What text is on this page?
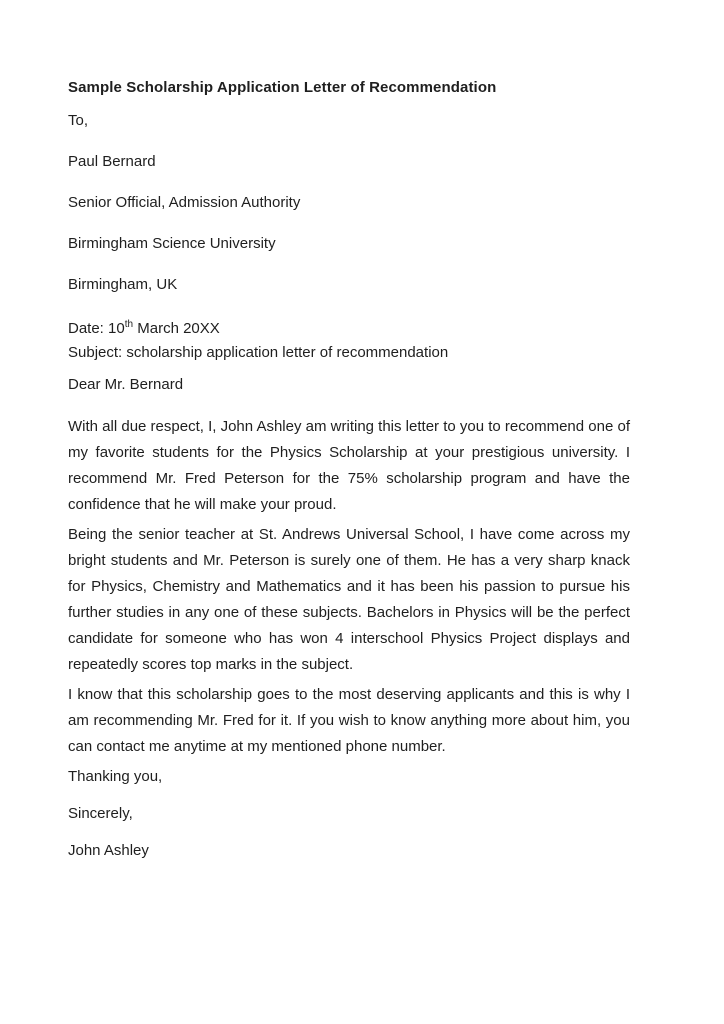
Sample Scholarship Application Letter of Recommendation

To,

Paul Bernard

Senior Official, Admission Authority

Birmingham Science University

Birmingham, UK

Date: 10th March 20XX

Subject: scholarship application letter of recommendation

Dear Mr. Bernard

With all due respect, I, John Ashley am writing this letter to you to recommend one of my favorite students for the Physics Scholarship at your prestigious university. I recommend Mr. Fred Peterson for the 75% scholarship program and have the confidence that he will make your proud.

Being the senior teacher at St. Andrews Universal School, I have come across my bright students and Mr. Peterson is surely one of them. He has a very sharp knack for Physics, Chemistry and Mathematics and it has been his passion to pursue his further studies in any one of these subjects. Bachelors in Physics will be the perfect candidate for someone who has won 4 interschool Physics Project displays and repeatedly scores top marks in the subject.

I know that this scholarship goes to the most deserving applicants and this is why I am recommending Mr. Fred for it. If you wish to know anything more about him, you can contact me anytime at my mentioned phone number.

Thanking you,

Sincerely,

John Ashley
